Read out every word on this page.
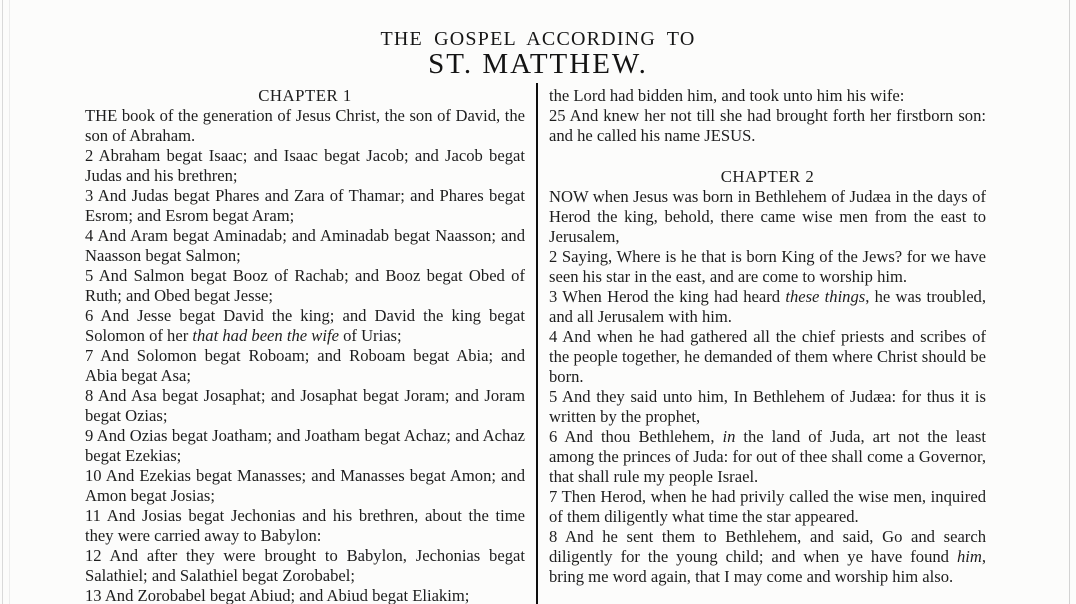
THE GOSPEL ACCORDING TO
ST. MATTHEW.
CHAPTER 1

THE book of the generation of Jesus Christ, the son of David, the son of Abraham.

2 Abraham begat Isaac; and Isaac begat Jacob; and Jacob begat Judas and his brethren;

3 And Judas begat Phares and Zara of Thamar; and Phares begat Esrom; and Esrom begat Aram;

4 And Aram begat Aminadab; and Aminadab begat Naasson; and Naasson begat Salmon;

5 And Salmon begat Booz of Rachab; and Booz begat Obed of Ruth; and Obed begat Jesse;

6 And Jesse begat David the king; and David the king begat Solomon of her that had been the wife of Urias;

7 And Solomon begat Roboam; and Roboam begat Abia; and Abia begat Asa;

8 And Asa begat Josaphat; and Josaphat begat Joram; and Joram begat Ozias;

9 And Ozias begat Joatham; and Joatham begat Achaz; and Achaz begat Ezekias;

10 And Ezekias begat Manasses; and Manasses begat Amon; and Amon begat Josias;

11 And Josias begat Jechonias and his brethren, about the time they were carried away to Babylon:

12 And after they were brought to Babylon, Jechonias begat Salathiel; and Salathiel begat Zorobabel;

13 And Zorobabel begat Abiud; and Abiud begat Eliakim;

the Lord had bidden him, and took unto him his wife:

25 And knew her not till she had brought forth her firstborn son: and he called his name JESUS.

CHAPTER 2

NOW when Jesus was born in Bethlehem of Judæa in the days of Herod the king, behold, there came wise men from the east to Jerusalem,

2 Saying, Where is he that is born King of the Jews? for we have seen his star in the east, and are come to worship him.

3 When Herod the king had heard these things, he was troubled, and all Jerusalem with him.

4 And when he had gathered all the chief priests and scribes of the people together, he demanded of them where Christ should be born.

5 And they said unto him, In Bethlehem of Judæa: for thus it is written by the prophet,

6 And thou Bethlehem, in the land of Juda, art not the least among the princes of Juda: for out of thee shall come a Governor, that shall rule my people Israel.

7 Then Herod, when he had privily called the wise men, inquired of them diligently what time the star appeared.

8 And he sent them to Bethlehem, and said, Go and search diligently for the young child; and when ye have found him, bring me word again, that I may come and worship him also.
